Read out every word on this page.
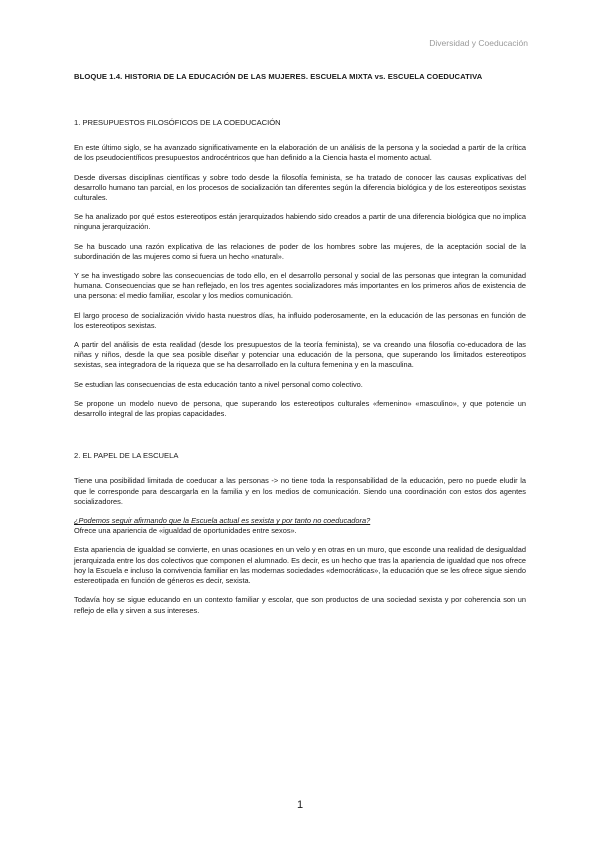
Diversidad y Coeducación
BLOQUE 1.4. HISTORIA DE LA EDUCACIÓN DE LAS MUJERES. ESCUELA MIXTA vs. ESCUELA COEDUCATIVA
1. PRESUPUESTOS FILOSÓFICOS DE LA COEDUCACIÓN

En este último siglo, se ha avanzado significativamente en la elaboración de un análisis de la persona y la sociedad a partir de la crítica de los pseudocientíficos presupuestos androcéntricos que han definido a la Ciencia hasta el momento actual.

Desde diversas disciplinas científicas y sobre todo desde la filosofía feminista, se ha tratado de conocer las causas explicativas del desarrollo humano tan parcial, en los procesos de socialización tan diferentes según la diferencia biológica y de los estereotipos sexistas culturales.

Se ha analizado por qué estos estereotipos están jerarquizados habiendo sido creados a partir de una diferencia biológica que no implica ninguna jerarquización.

Se ha buscado una razón explicativa de las relaciones de poder de los hombres sobre las mujeres, de la aceptación social de la subordinación de las mujeres como si fuera un hecho «natural».

Y se ha investigado sobre las consecuencias de todo ello, en el desarrollo personal y social de las personas que integran la comunidad humana. Consecuencias que se han reflejado, en los tres agentes socializadores más importantes en los primeros años de existencia de una persona: el medio familiar, escolar y los medios comunicación.

El largo proceso de socialización vivido hasta nuestros días, ha influido poderosamente, en la educación de las personas en función de los estereotipos sexistas.

A partir del análisis de esta realidad (desde los presupuestos de la teoría feminista), se va creando una filosofía co-educadora de las niñas y niños, desde la que sea posible diseñar y potenciar una educación de la persona, que superando los limitados estereotipos sexistas, sea integradora de la riqueza que se ha desarrollado en la cultura femenina y en la masculina.

Se estudian las consecuencias de esta educación tanto a nivel personal como colectivo.

Se propone un modelo nuevo de persona, que superando los estereotipos culturales «femenino» «masculino», y que potencie un desarrollo integral de las propias capacidades.

2. EL PAPEL DE LA ESCUELA

Tiene una posibilidad limitada de coeducar a las personas -> no tiene toda la responsabilidad de la educación, pero no puede eludir la que le corresponde para descargarla en la familia y en los medios de comunicación. Siendo una coordinación con estos dos agentes socializadores.

¿Podemos seguir afirmando que la Escuela actual es sexista y por tanto no coeducadora?
Ofrece una apariencia de «igualdad de oportunidades entre sexos».

Esta apariencia de igualdad se convierte, en unas ocasiones en un velo y en otras en un muro, que esconde una realidad de desigualdad jerarquizada entre los dos colectivos que componen el alumnado. Es decir, es un hecho que tras la apariencia de igualdad que nos ofrece hoy la Escuela e incluso la convivencia familiar en las modernas sociedades «democráticas», la educación que se les ofrece sigue siendo estereotipada en función de géneros es decir, sexista.

Todavía hoy se sigue educando en un contexto familiar y escolar, que son productos de una sociedad sexista y por coherencia son un reflejo de ella y sirven a sus intereses.

1
